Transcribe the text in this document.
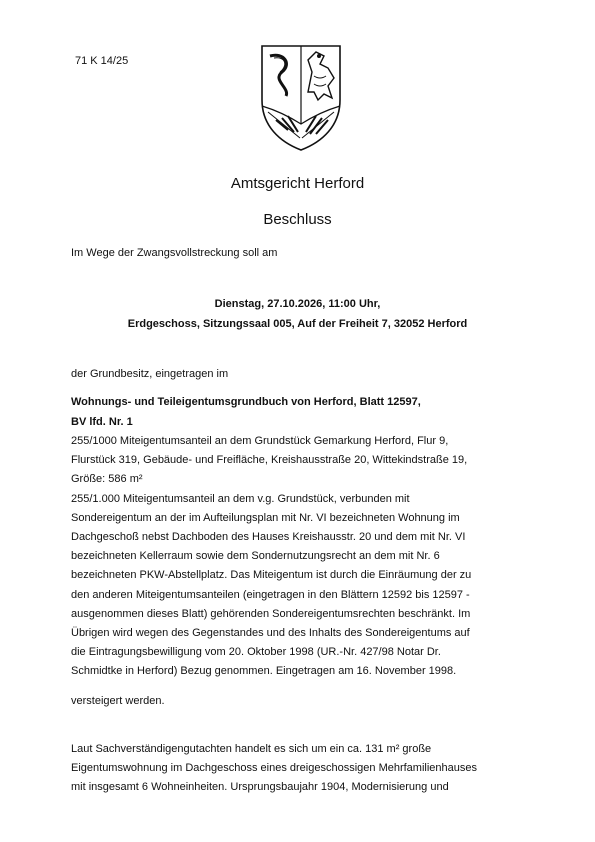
71 K 14/25
Amtsgericht Herford
Beschluss

Im Wege der Zwangsvollstreckung soll am

Dienstag, 27.10.2026, 11:00 Uhr,
Erdgeschoss, Sitzungssaal 005, Auf der Freiheit 7, 32052 Herford

der Grundbesitz, eingetragen im

Wohnungs- und Teileigentumsgrundbuch von Herford, Blatt 12597,

BV lfd. Nr. 1

255/1000 Miteigentumsanteil an dem Grundstück Gemarkung Herford, Flur 9,
Flurstück 319, Gebäude- und Freifläche, Kreishausstraße 20, Wittekindstraße 19,
Größe: 586 m²
255/1.000 Miteigentumsanteil an dem v.g. Grundstück, verbunden mit
Sondereigentum an der im Aufteilungsplan mit Nr. VI bezeichneten Wohnung im
Dachgeschoß nebst Dachboden des Hauses Kreishausstr. 20 und dem mit Nr. VI
bezeichneten Kellerraum sowie dem Sondernutzungsrecht an dem mit Nr. 6
bezeichneten PKW-Abstellplatz. Das Miteigentum ist durch die Einräumung der zu
den anderen Miteigentumsanteilen (eingetragen in den Blättern 12592 bis 12597 -
ausgenommen dieses Blatt) gehörenden Sondereigentumsrechten beschränkt. Im
Übrigen wird wegen des Gegenstandes und des Inhalts des Sondereigentums auf
die Eintragungsbewilligung vom 20. Oktober 1998 (UR.-Nr. 427/98 Notar Dr.
Schmidtke in Herford) Bezug genommen. Eingetragen am 16. November 1998.

versteigert werden.

Laut Sachverständigengutachten handelt es sich um ein ca. 131 m² große
Eigentumswohnung im Dachgeschoss eines dreigeschossigen Mehrfamilienhauses
mit insgesamt 6 Wohneinheiten. Ursprungsbaujahr 1904, Modernisierung und
